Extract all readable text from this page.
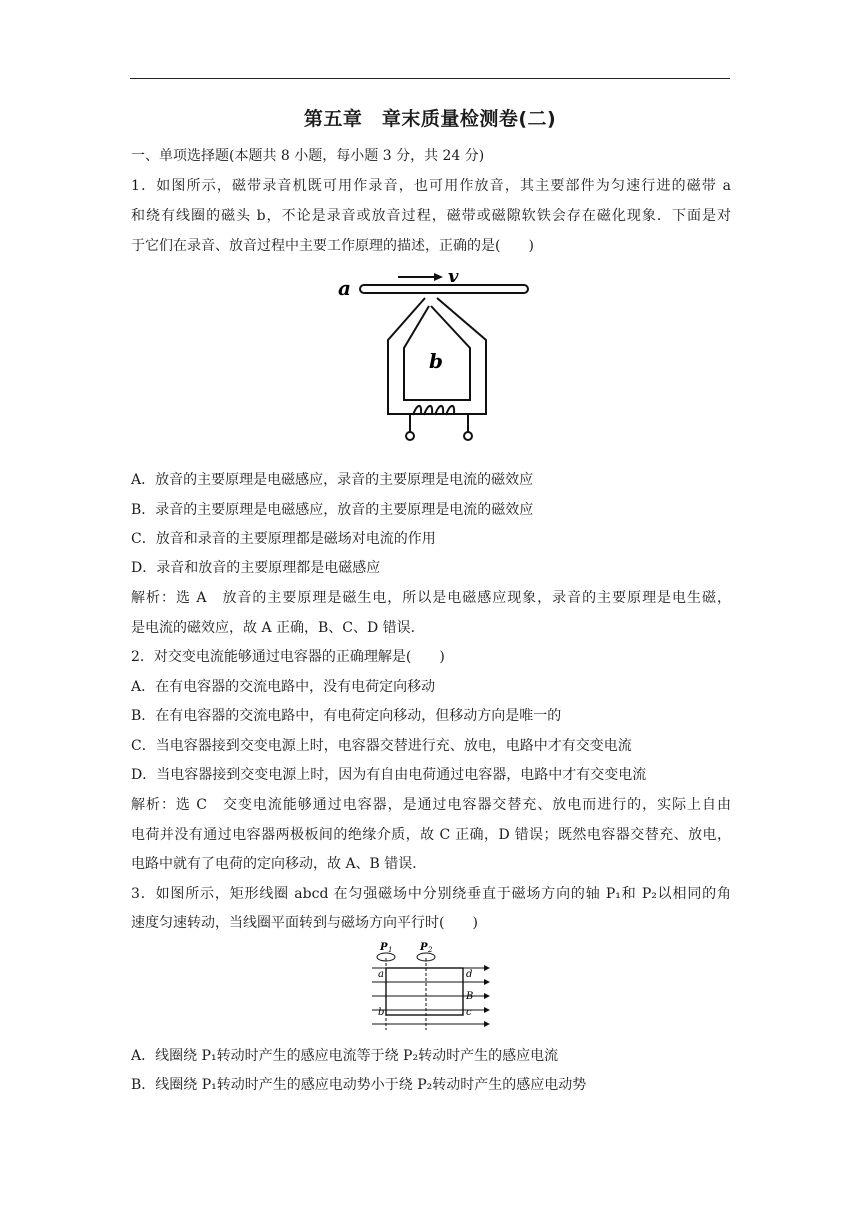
第五章　章末质量检测卷(二)
一、单项选择题(本题共 8 小题，每小题 3 分，共 24 分)
1．如图所示，磁带录音机既可用作录音，也可用作放音，其主要部件为匀速行进的磁带 a
和绕有线圈的磁头 b，不论是录音或放音过程，磁带或磁隙软铁会存在磁化现象．下面是对
于它们在录音、放音过程中主要工作原理的描述，正确的是(　　)
a	v
b
A．放音的主要原理是电磁感应，录音的主要原理是电流的磁效应
B．录音的主要原理是电磁感应，放音的主要原理是电流的磁效应
C．放音和录音的主要原理都是磁场对电流的作用
D．录音和放音的主要原理都是电磁感应
解析：选 A　放音的主要原理是磁生电，所以是电磁感应现象，录音的主要原理是电生磁，
是电流的磁效应，故 A 正确，B、C、D 错误．
2．对交变电流能够通过电容器的正确理解是(　　)
A．在有电容器的交流电路中，没有电荷定向移动
B．在有电容器的交流电路中，有电荷定向移动，但移动方向是唯一的
C．当电容器接到交变电源上时，电容器交替进行充、放电，电路中才有交变电流
D．当电容器接到交变电源上时，因为有自由电荷通过电容器，电路中才有交变电流
解析：选 C　交变电流能够通过电容器，是通过电容器交替充、放电而进行的，实际上自由
电荷并没有通过电容器两极板间的绝缘介质，故 C 正确，D 错误；既然电容器交替充、放电，
电路中就有了电荷的定向移动，故 A、B 错误．
3．如图所示，矩形线圈 abcd 在匀强磁场中分别绕垂直于磁场方向的轴 P₁和 P₂以相同的角
速度匀速转动，当线圈平面转到与磁场方向平行时(　　)
P 1	P 2
a	d
B
b	c
A．线圈绕 P₁转动时产生的感应电流等于绕 P₂转动时产生的感应电流
B．线圈绕 P₁转动时产生的感应电动势小于绕 P₂转动时产生的感应电动势
